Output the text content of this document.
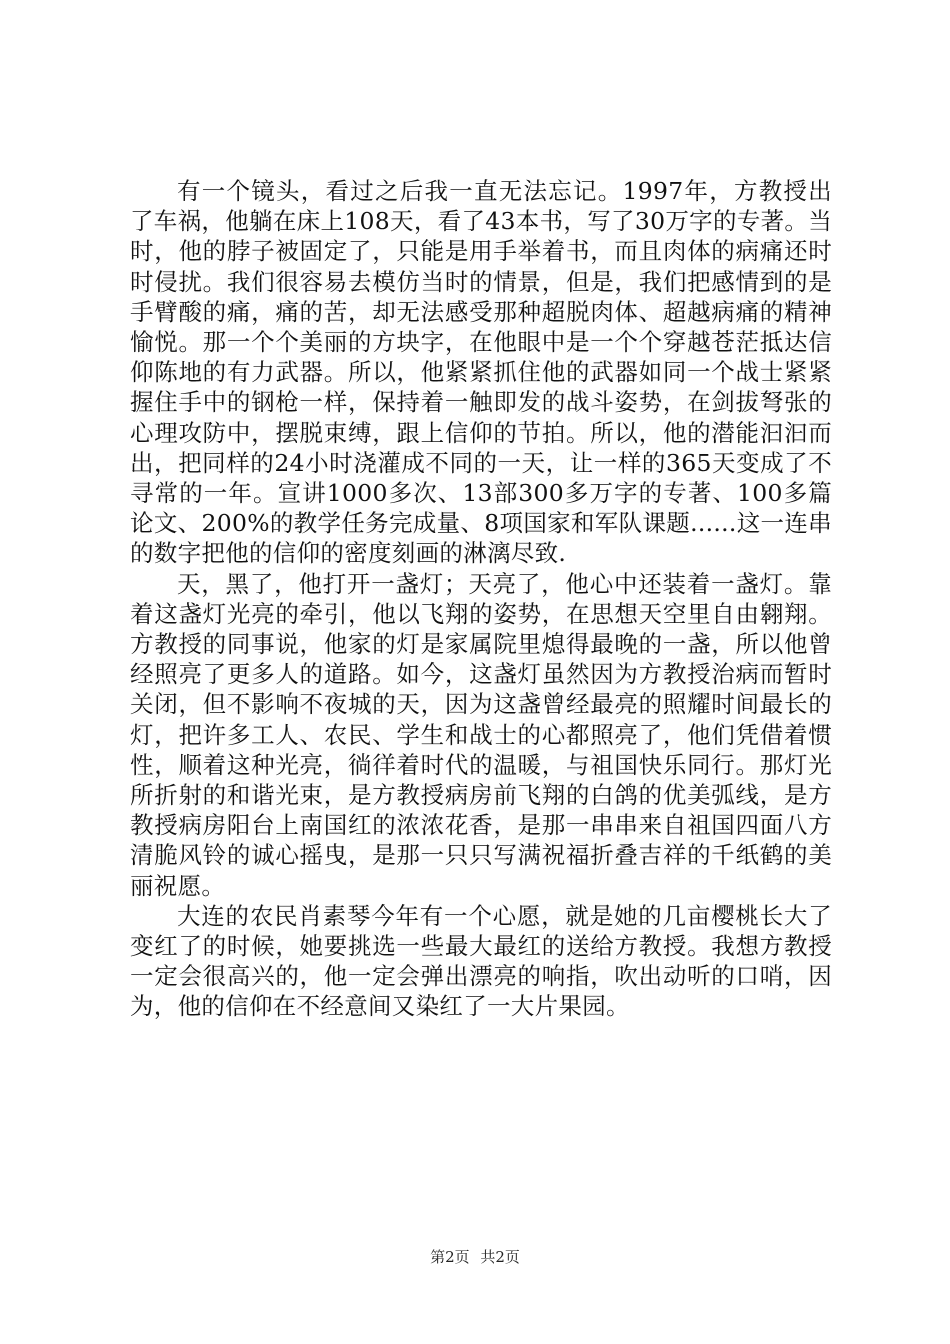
有一个镜头，看过之后我一直无法忘记。1997年，方教授出了车祸，他躺在床上108天，看了43本书，写了30万字的专著。当时，他的脖子被固定了，只能是用手举着书，而且肉体的病痛还时时侵扰。我们很容易去模仿当时的情景，但是，我们把感情到的是手臂酸的痛，痛的苦，却无法感受那种超脱肉体、超越病痛的精神愉悦。那一个个美丽的方块字，在他眼中是一个个穿越苍茫抵达信仰陈地的有力武器。所以，他紧紧抓住他的武器如同一个战士紧紧握住手中的钢枪一样，保持着一触即发的战斗姿势，在剑拔弩张的心理攻防中，摆脱束缚，跟上信仰的节拍。所以，他的潜能汩汩而出，把同样的24小时浇灌成不同的一天，让一样的365天变成了不寻常的一年。宣讲1000多次、13部300多万字的专著、100多篇论文、200%的教学任务完成量、8项国家和军队课题......这一连串的数字把他的信仰的密度刻画的淋漓尽致.

天，黑了，他打开一盏灯；天亮了，他心中还装着一盏灯。靠着这盏灯光亮的牵引，他以飞翔的姿势，在思想天空里自由翱翔。方教授的同事说，他家的灯是家属院里熄得最晚的一盏，所以他曾经照亮了更多人的道路。如今，这盏灯虽然因为方教授治病而暂时关闭，但不影响不夜城的天，因为这盏曾经最亮的照耀时间最长的灯，把许多工人、农民、学生和战士的心都照亮了，他们凭借着惯性，顺着这种光亮，徜徉着时代的温暖，与祖国快乐同行。那灯光所折射的和谐光束，是方教授病房前飞翔的白鸽的优美弧线，是方教授病房阳台上南国红的浓浓花香，是那一串串来自祖国四面八方清脆风铃的诚心摇曳，是那一只只写满祝福折叠吉祥的千纸鹤的美丽祝愿。

大连的农民肖素琴今年有一个心愿，就是她的几亩樱桃长大了变红了的时候，她要挑选一些最大最红的送给方教授。我想方教授一定会很高兴的，他一定会弹出漂亮的响指，吹出动听的口哨，因为，他的信仰在不经意间又染红了一大片果园。

第2页 共2页
